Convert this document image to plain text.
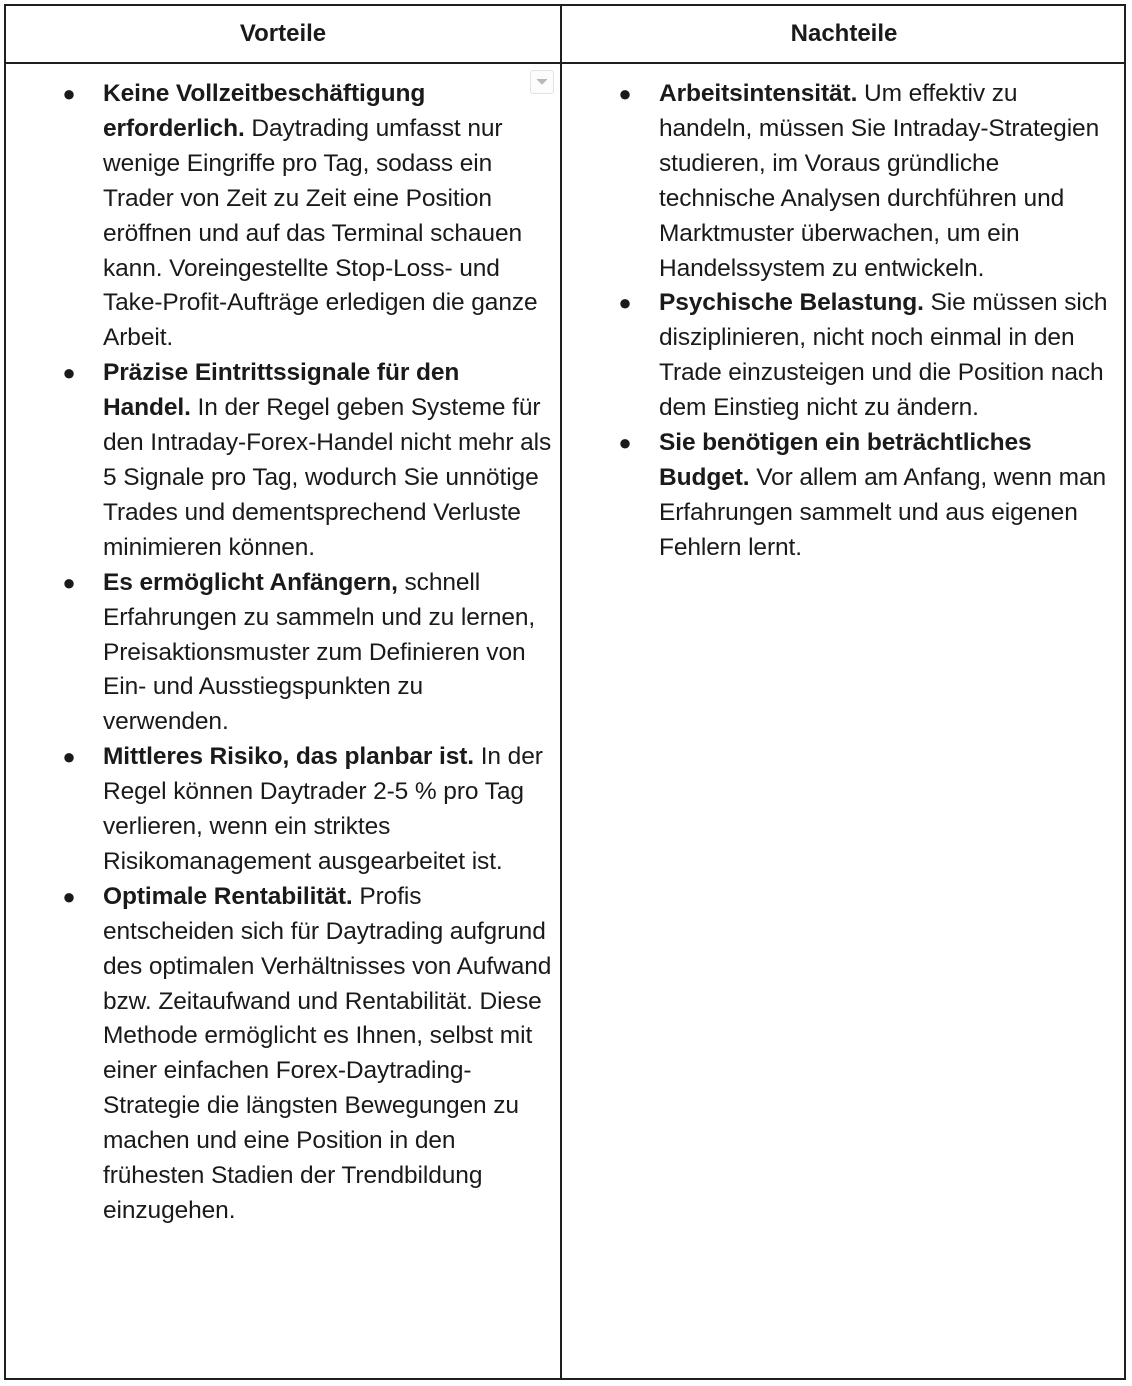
Vorteile	Nachteile
● Keine Vollzeitbeschäftigung erforderlich. Daytrading umfasst nur wenige Eingriffe pro Tag, sodass ein Trader von Zeit zu Zeit eine Position eröffnen und auf das Terminal schauen kann. Voreingestellte Stop-Loss- und Take-Profit-Aufträge erledigen die ganze Arbeit.
● Präzise Eintrittssignale für den Handel. In der Regel geben Systeme für den Intraday-Forex-Handel nicht mehr als 5 Signale pro Tag, wodurch Sie unnötige Trades und dementsprechend Verluste minimieren können.
● Es ermöglicht Anfängern, schnell Erfahrungen zu sammeln und zu lernen, Preisaktionsmuster zum Definieren von Ein- und Ausstiegspunkten zu verwenden.
● Mittleres Risiko, das planbar ist. In der Regel können Daytrader 2-5 % pro Tag verlieren, wenn ein striktes Risikomanagement ausgearbeitet ist.
● Optimale Rentabilität. Profis entscheiden sich für Daytrading aufgrund des optimalen Verhältnisses von Aufwand bzw. Zeitaufwand und Rentabilität. Diese Methode ermöglicht es Ihnen, selbst mit einer einfachen Forex-Daytrading-Strategie die längsten Bewegungen zu machen und eine Position in den frühesten Stadien der Trendbildung einzugehen.
● Arbeitsintensität. Um effektiv zu handeln, müssen Sie Intraday-Strategien studieren, im Voraus gründliche technische Analysen durchführen und Marktmuster überwachen, um ein Handelssystem zu entwickeln.
● Psychische Belastung. Sie müssen sich disziplinieren, nicht noch einmal in den Trade einzusteigen und die Position nach dem Einstieg nicht zu ändern.
● Sie benötigen ein beträchtliches Budget. Vor allem am Anfang, wenn man Erfahrungen sammelt und aus eigenen Fehlern lernt.
